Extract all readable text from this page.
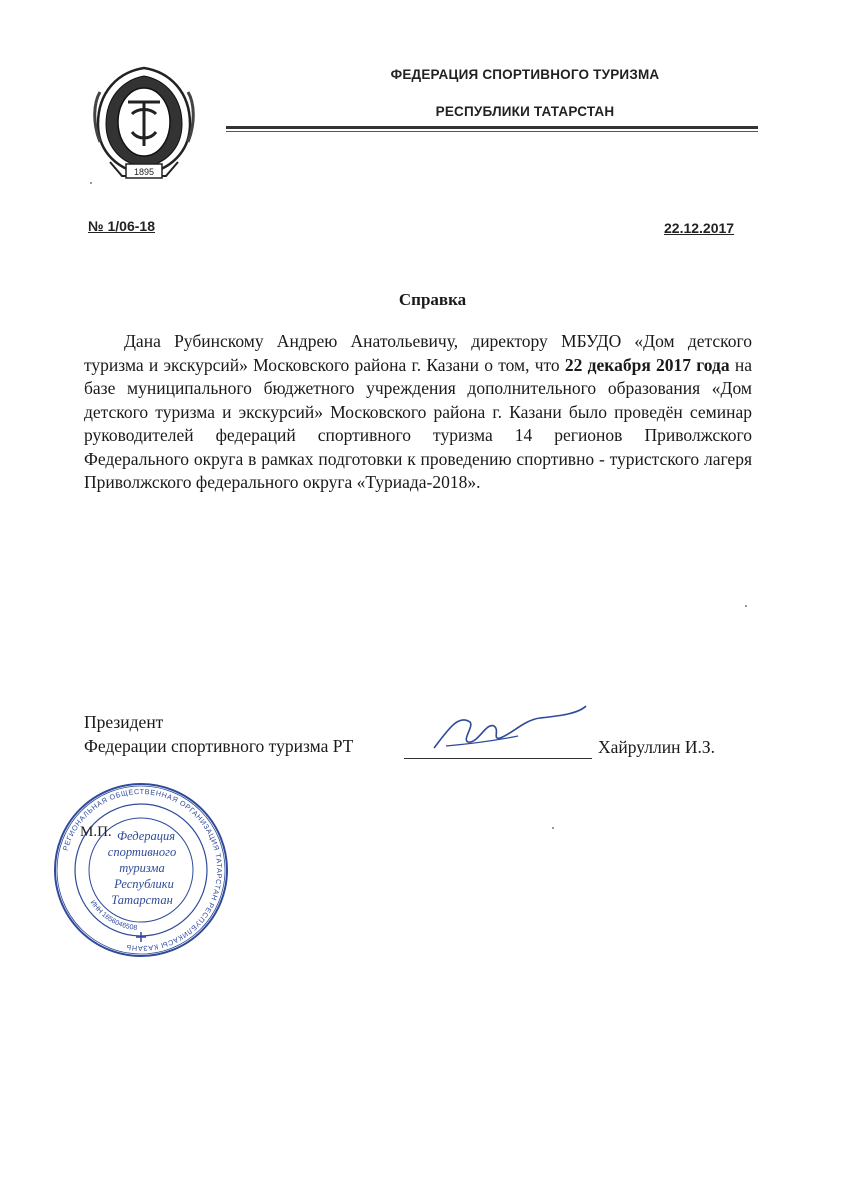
1895
ФЕДЕРАЦИЯ СПОРТИВНОГО ТУРИЗМА
РЕСПУБЛИКИ ТАТАРСТАН
№ 1/06-18	22.12.2017
Справка
Дана Рубинскому Андрею Анатольевичу, директору МБУДО «Дом детского туризма и экскурсий» Московского района г. Казани о том, что 22 декабря 2017 года на базе муниципального бюджетного учреждения дополнительного образования «Дом детского туризма и экскурсий» Московского района г. Казани было проведён семинар руководителей федераций спортивного туризма 14 регионов Приволжского Федерального округа в рамках подготовки к проведению спортивно - туристского лагеря Приволжского федерального округа «Туриада-2018».
Президент
Федерации спортивного туризма РТ	Хайруллин И.З.
РЕГИОНАЛЬНАЯ ОБЩЕСТВЕННАЯ ОРГАНИЗАЦИЯ ТАТАРСТАН РЕСПУБЛИКАСЫ КАЗАНЬ
ИНН 1656046508
Федерация
спортивного
туризма
Республики
Татарстан
М.П.
